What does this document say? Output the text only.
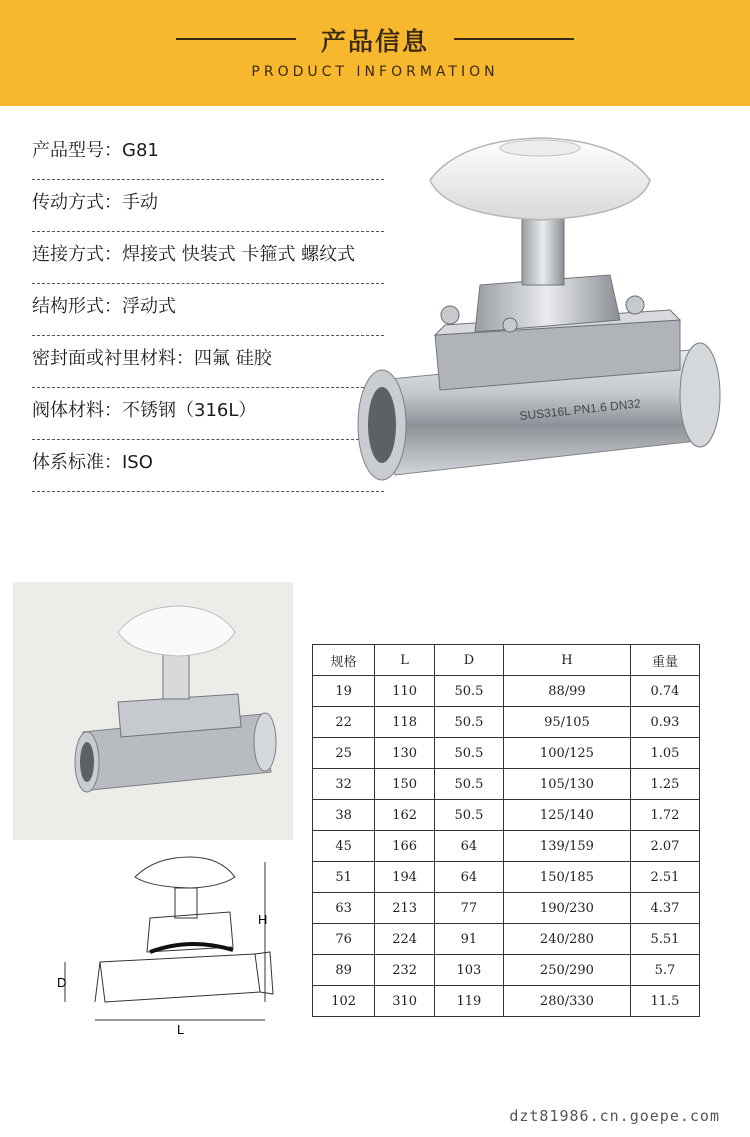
产品信息
PRODUCT INFORMATION
产品型号：G81
传动方式：手动
连接方式：焊接式 快装式 卡箍式 螺纹式
结构形式：浮动式
密封面或衬里材料：四氟 硅胶
阀体材料：不锈钢（316L）
体系标准：ISO
SUS316L PN1.6 DN32
H
D
L
规格	L	D	H	重量
19	110	50.5	88/99	0.74
22	118	50.5	95/105	0.93
25	130	50.5	100/125	1.05
32	150	50.5	105/130	1.25
38	162	50.5	125/140	1.72
45	166	64	139/159	2.07
51	194	64	150/185	2.51
63	213	77	190/230	4.37
76	224	91	240/280	5.51
89	232	103	250/290	5.7
102	310	119	280/330	11.5
dzt81986.cn.goepe.com
